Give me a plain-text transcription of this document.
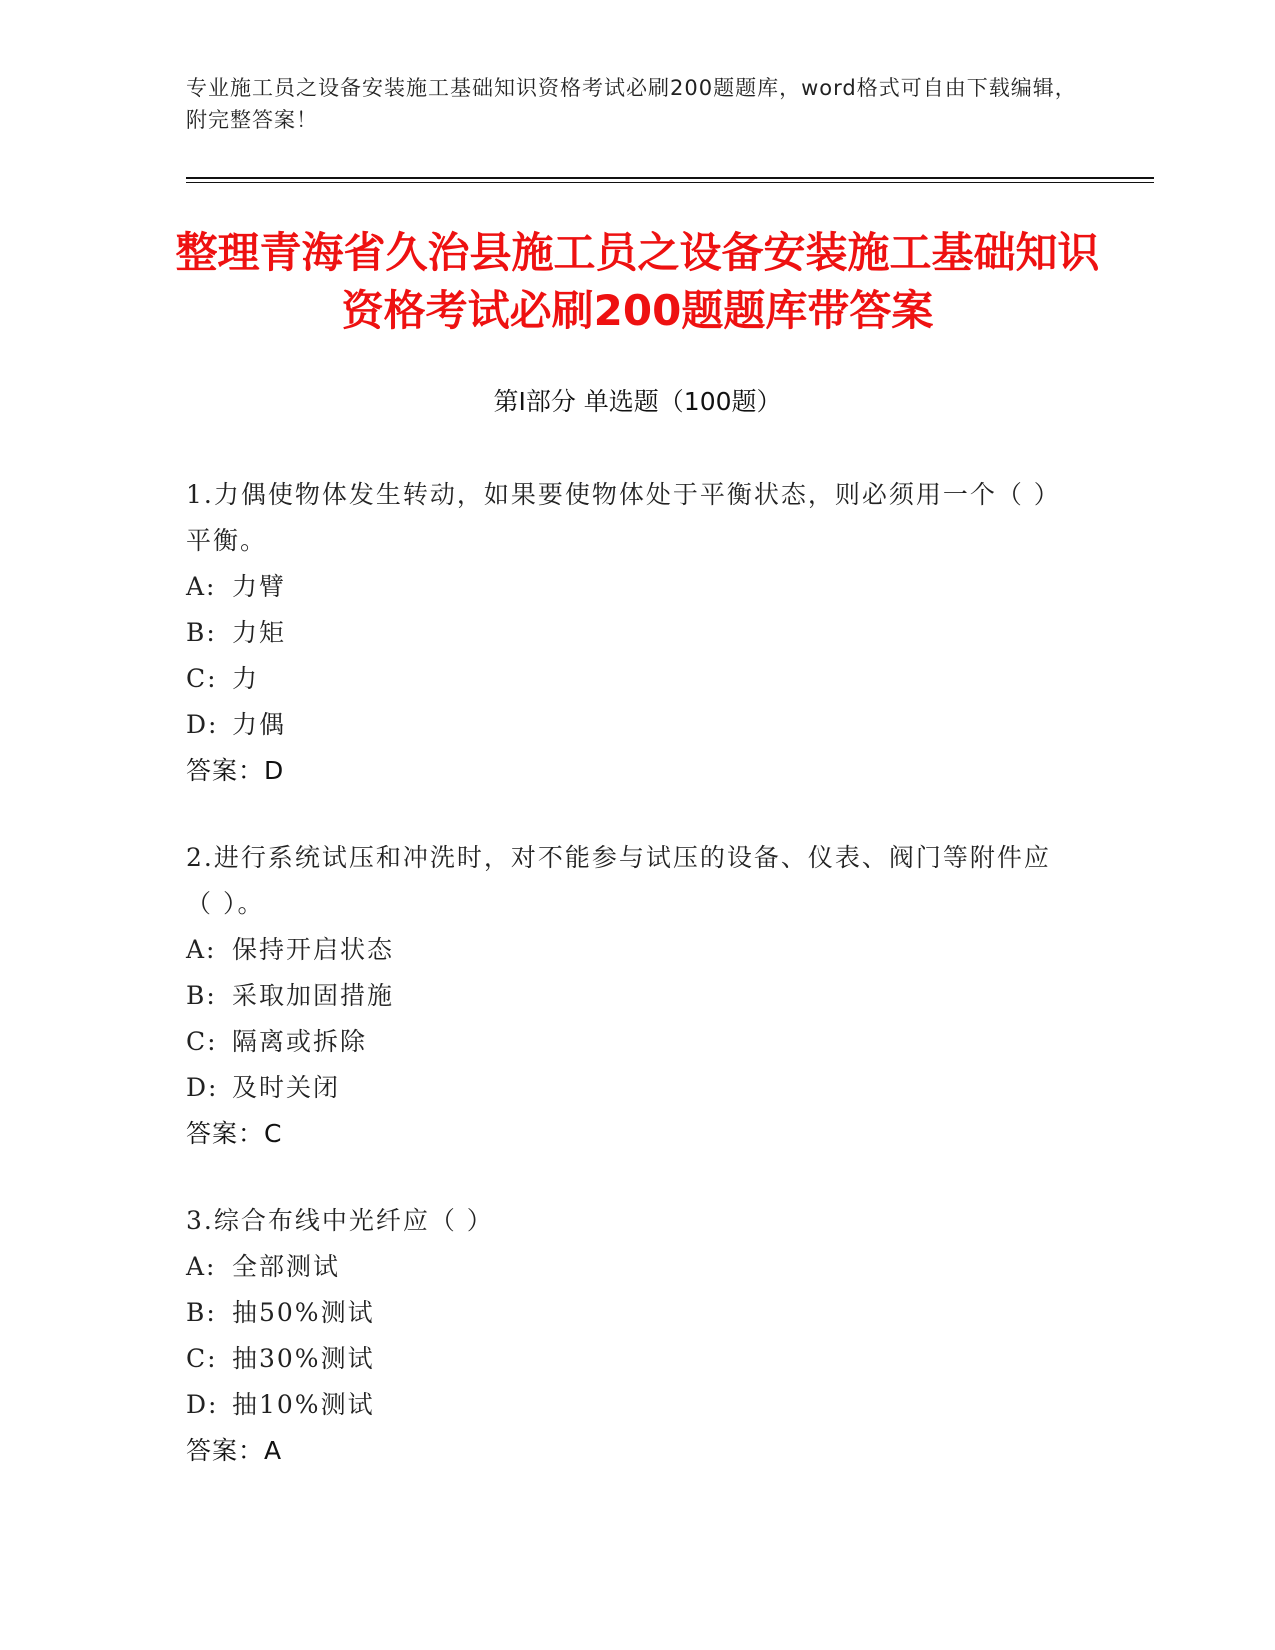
专业施工员之设备安装施工基础知识资格考试必刷200题题库，word格式可自由下载编辑，附完整答案！
整理青海省久治县施工员之设备安装施工基础知识资格考试必刷200题题库带答案
第Ⅰ部分 单选题（100题）
1.力偶使物体发生转动，如果要使物体处于平衡状态，则必须用一个（ ）平衡。
A: 力臂
B: 力矩
C: 力
D: 力偶
答案：D
2.进行系统试压和冲洗时，对不能参与试压的设备、仪表、阀门等附件应（ ）。
A: 保持开启状态
B: 采取加固措施
C: 隔离或拆除
D: 及时关闭
答案：C
3.综合布线中光纤应（ ）
A: 全部测试
B: 抽50%测试
C: 抽30%测试
D: 抽10%测试
答案：A
